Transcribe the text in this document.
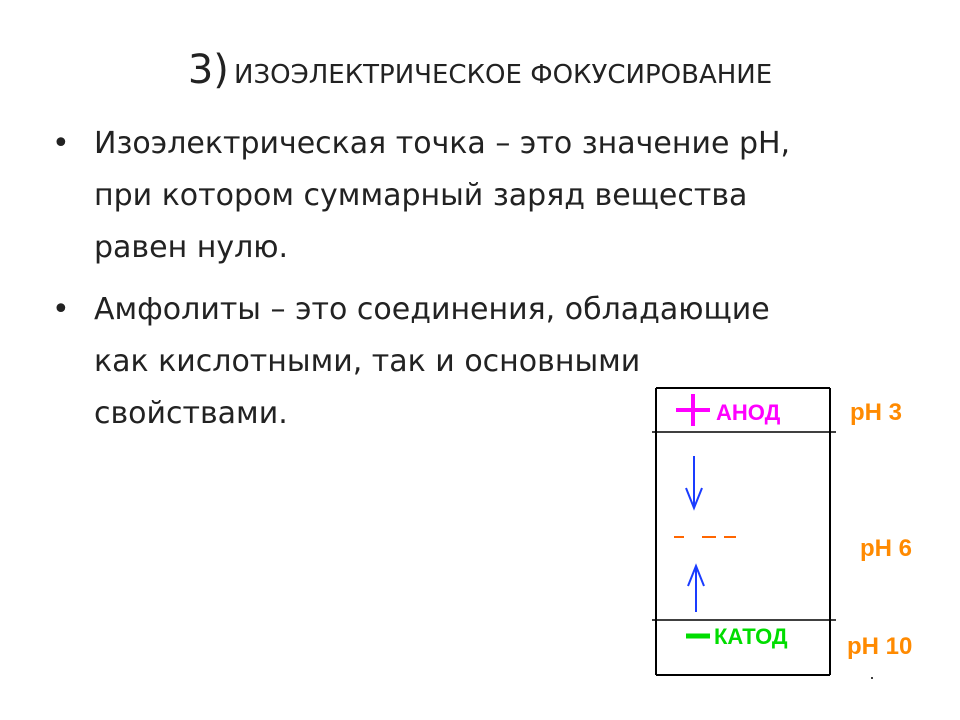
3) ИЗОЭЛЕКТРИЧЕСКОЕ ФОКУСИРОВАНИЕ
• Изоэлектрическая точка – это значение pH,
при котором суммарный заряд вещества
равен нулю.
• Амфолиты – это соединения, обладающие
как кислотными, так и основными
свойствами.	АНОД
КАТОД
pH 3
pH 6
pH 10
